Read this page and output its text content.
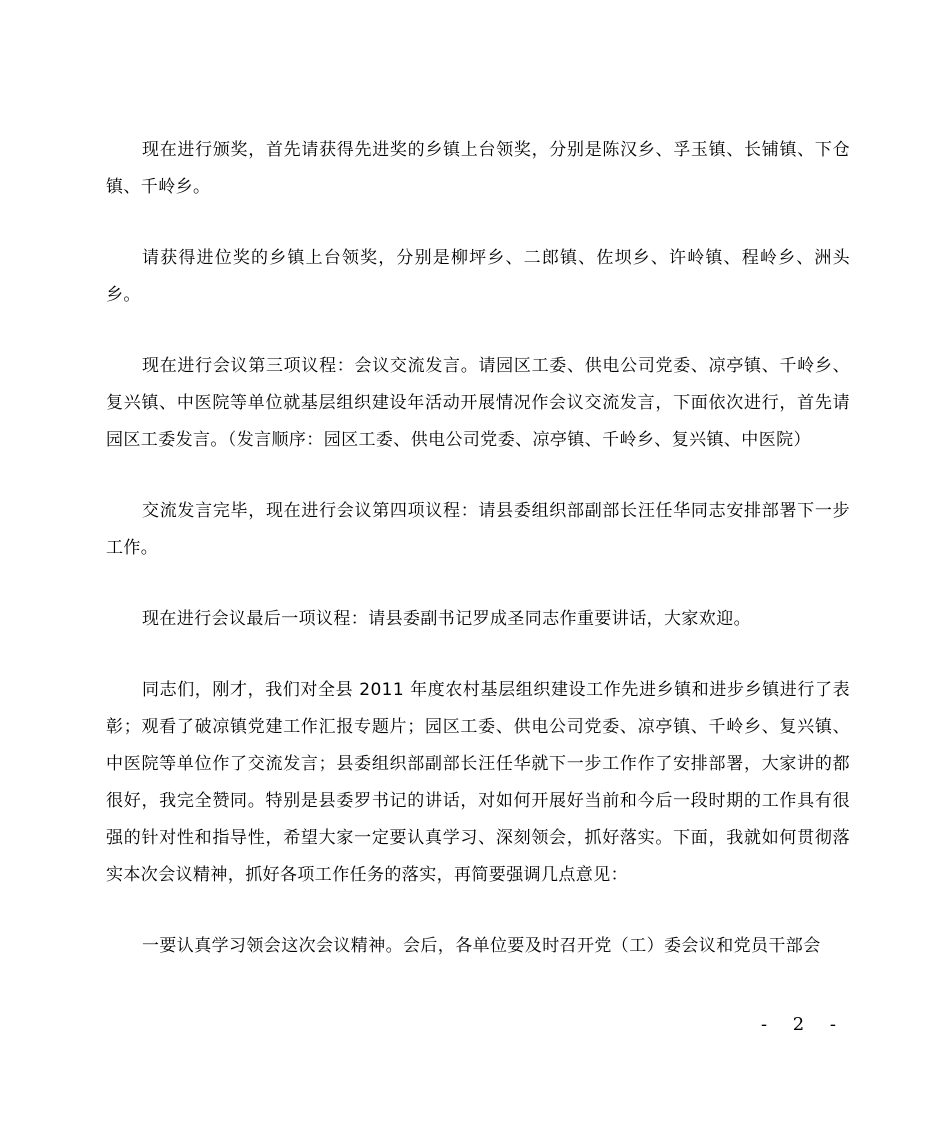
现在进行颁奖，首先请获得先进奖的乡镇上台领奖，分别是陈汉乡、孚玉镇、长铺镇、下仓镇、千岭乡。

请获得进位奖的乡镇上台领奖，分别是柳坪乡、二郎镇、佐坝乡、许岭镇、程岭乡、洲头乡。

现在进行会议第三项议程：会议交流发言。请园区工委、供电公司党委、凉亭镇、千岭乡、复兴镇、中医院等单位就基层组织建设年活动开展情况作会议交流发言，下面依次进行，首先请园区工委发言。（发言顺序：园区工委、供电公司党委、凉亭镇、千岭乡、复兴镇、中医院）

交流发言完毕，现在进行会议第四项议程：请县委组织部副部长汪任华同志安排部署下一步工作。

现在进行会议最后一项议程：请县委副书记罗成圣同志作重要讲话，大家欢迎。

同志们，刚才，我们对全县 2011 年度农村基层组织建设工作先进乡镇和进步乡镇进行了表彰；观看了破凉镇党建工作汇报专题片；园区工委、供电公司党委、凉亭镇、千岭乡、复兴镇、中医院等单位作了交流发言；县委组织部副部长汪任华就下一步工作作了安排部署，大家讲的都很好，我完全赞同。特别是县委罗书记的讲话，对如何开展好当前和今后一段时期的工作具有很强的针对性和指导性，希望大家一定要认真学习、深刻领会，抓好落实。下面，我就如何贯彻落实本次会议精神，抓好各项工作任务的落实，再简要强调几点意见：

一要认真学习领会这次会议精神。会后，各单位要及时召开党（工）委会议和党员干部会

- 2 -
